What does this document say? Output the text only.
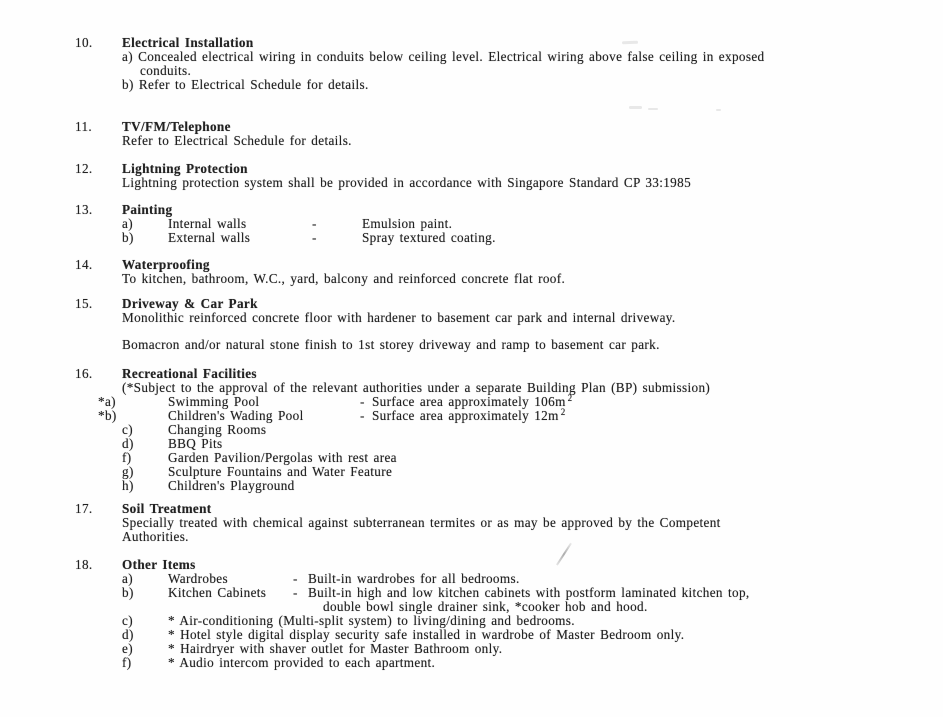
10.	Electrical Installation
a) Concealed electrical wiring in conduits below ceiling level. Electrical wiring above false ceiling in exposed
conduits.
b) Refer to Electrical Schedule for details.
11.	TV/FM/Telephone
Refer to Electrical Schedule for details.
12.	Lightning Protection
Lightning protection system shall be provided in accordance with Singapore Standard CP 33:1985
13.	Painting
a)	Internal walls	-	Emulsion paint.
b)	External walls	-	Spray textured coating.
14.	Waterproofing
To kitchen, bathroom, W.C., yard, balcony and reinforced concrete flat roof.
15.	Driveway & Car Park
Monolithic reinforced concrete floor with hardener to basement car park and internal driveway.
Bomacron and/or natural stone finish to 1st storey driveway and ramp to basement car park.
16.	Recreational Facilities
(*Subject to the approval of the relevant authorities under a separate Building Plan (BP) submission)
*a)	Swimming Pool	- Surface area approximately 106m $^2$
*b)	Children's Wading Pool	- Surface area approximately 12m $^2$
c)	Changing Rooms
d)	BBQ Pits
f)	Garden Pavilion/Pergolas with rest area
g)	Sculpture Fountains and Water Feature
h)	Children's Playground
17.	Soil Treatment
Specially treated with chemical against subterranean termites or as may be approved by the Competent
Authorities.
18.	Other Items
a)	Wardrobes	- Built-in wardrobes for all bedrooms.
b)	Kitchen Cabinets	- Built-in high and low kitchen cabinets with postform laminated kitchen top,
double bowl single drainer sink, *cooker hob and hood.
c)	* Air-conditioning (Multi-split system) to living/dining and bedrooms.
d)	* Hotel style digital display security safe installed in wardrobe of Master Bedroom only.
e)	* Hairdryer with shaver outlet for Master Bathroom only.
f)	* Audio intercom provided to each apartment.
